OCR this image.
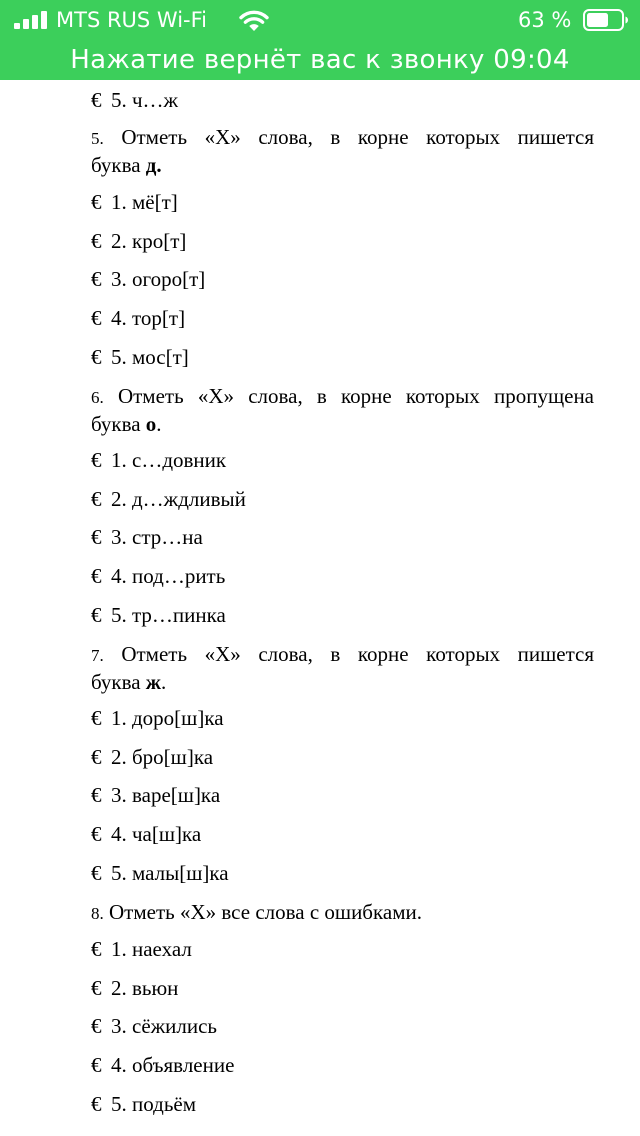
MTS RUS Wi-Fi	63 %
Нажатие вернёт вас к звонку 09:04
€ 5. ч…ж
5. Отметь «Х» слова, в корне которых пишется
буква д.
€ 1. мё[т]
€ 2. кро[т]
€ 3. огоро[т]
€ 4. тор[т]
€ 5. мос[т]
6. Отметь «Х» слова, в корне которых пропущена
буква о.
€ 1. с…довник
€ 2. д…ждливый
€ 3. стр…на
€ 4. под…рить
€ 5. тр…пинка
7. Отметь «Х» слова, в корне которых пишется
буква ж.
€ 1. доро[ш]ка
€ 2. бро[ш]ка
€ 3. варе[ш]ка
€ 4. ча[ш]ка
€ 5. малы[ш]ка
8. Отметь «Х» все слова с ошибками.
€ 1. наехал
€ 2. вьюн
€ 3. сёжились
€ 4. объявление
€ 5. подьём
